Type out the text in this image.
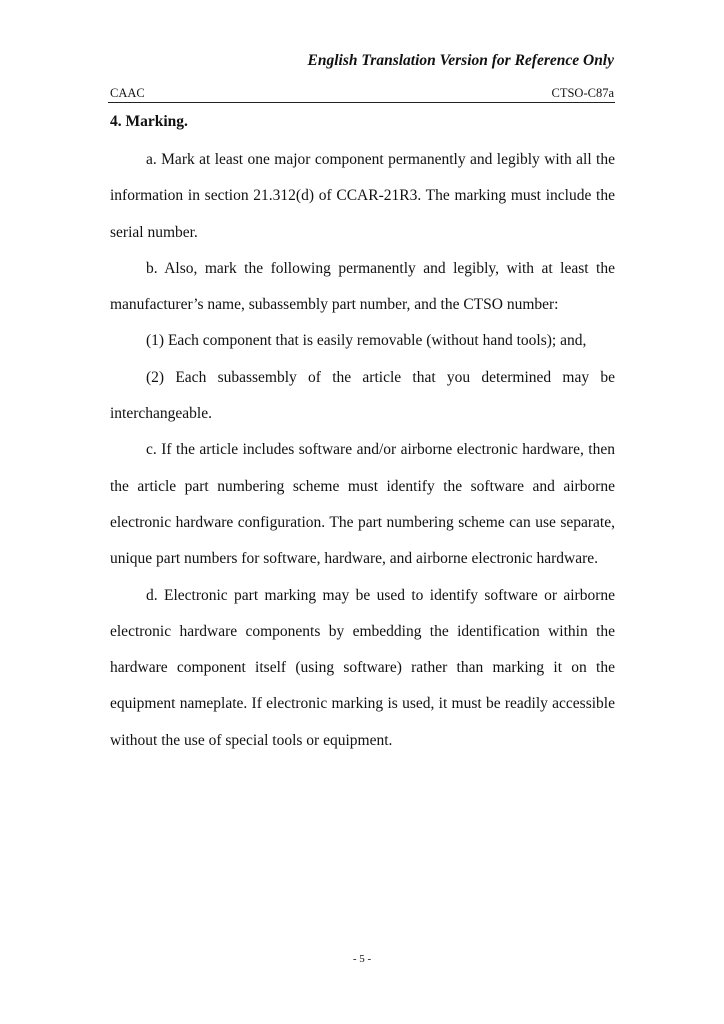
English Translation Version for Reference Only
CAAC	CTSO-C87a
4. Marking.

a. Mark at least one major component permanently and legibly with all the information in section 21.312(d) of CCAR-21R3. The marking must include the serial number.

b. Also, mark the following permanently and legibly, with at least the manufacturer’s name, subassembly part number, and the CTSO number:

(1) Each component that is easily removable (without hand tools); and,

(2) Each subassembly of the article that you determined may be interchangeable.

c. If the article includes software and/or airborne electronic hardware, then the article part numbering scheme must identify the software and airborne electronic hardware configuration. The part numbering scheme can use separate, unique part numbers for software, hardware, and airborne electronic hardware.

d. Electronic part marking may be used to identify software or airborne electronic hardware components by embedding the identification within the hardware component itself (using software) rather than marking it on the equipment nameplate. If electronic marking is used, it must be readily accessible without the use of special tools or equipment.

- 5 -
